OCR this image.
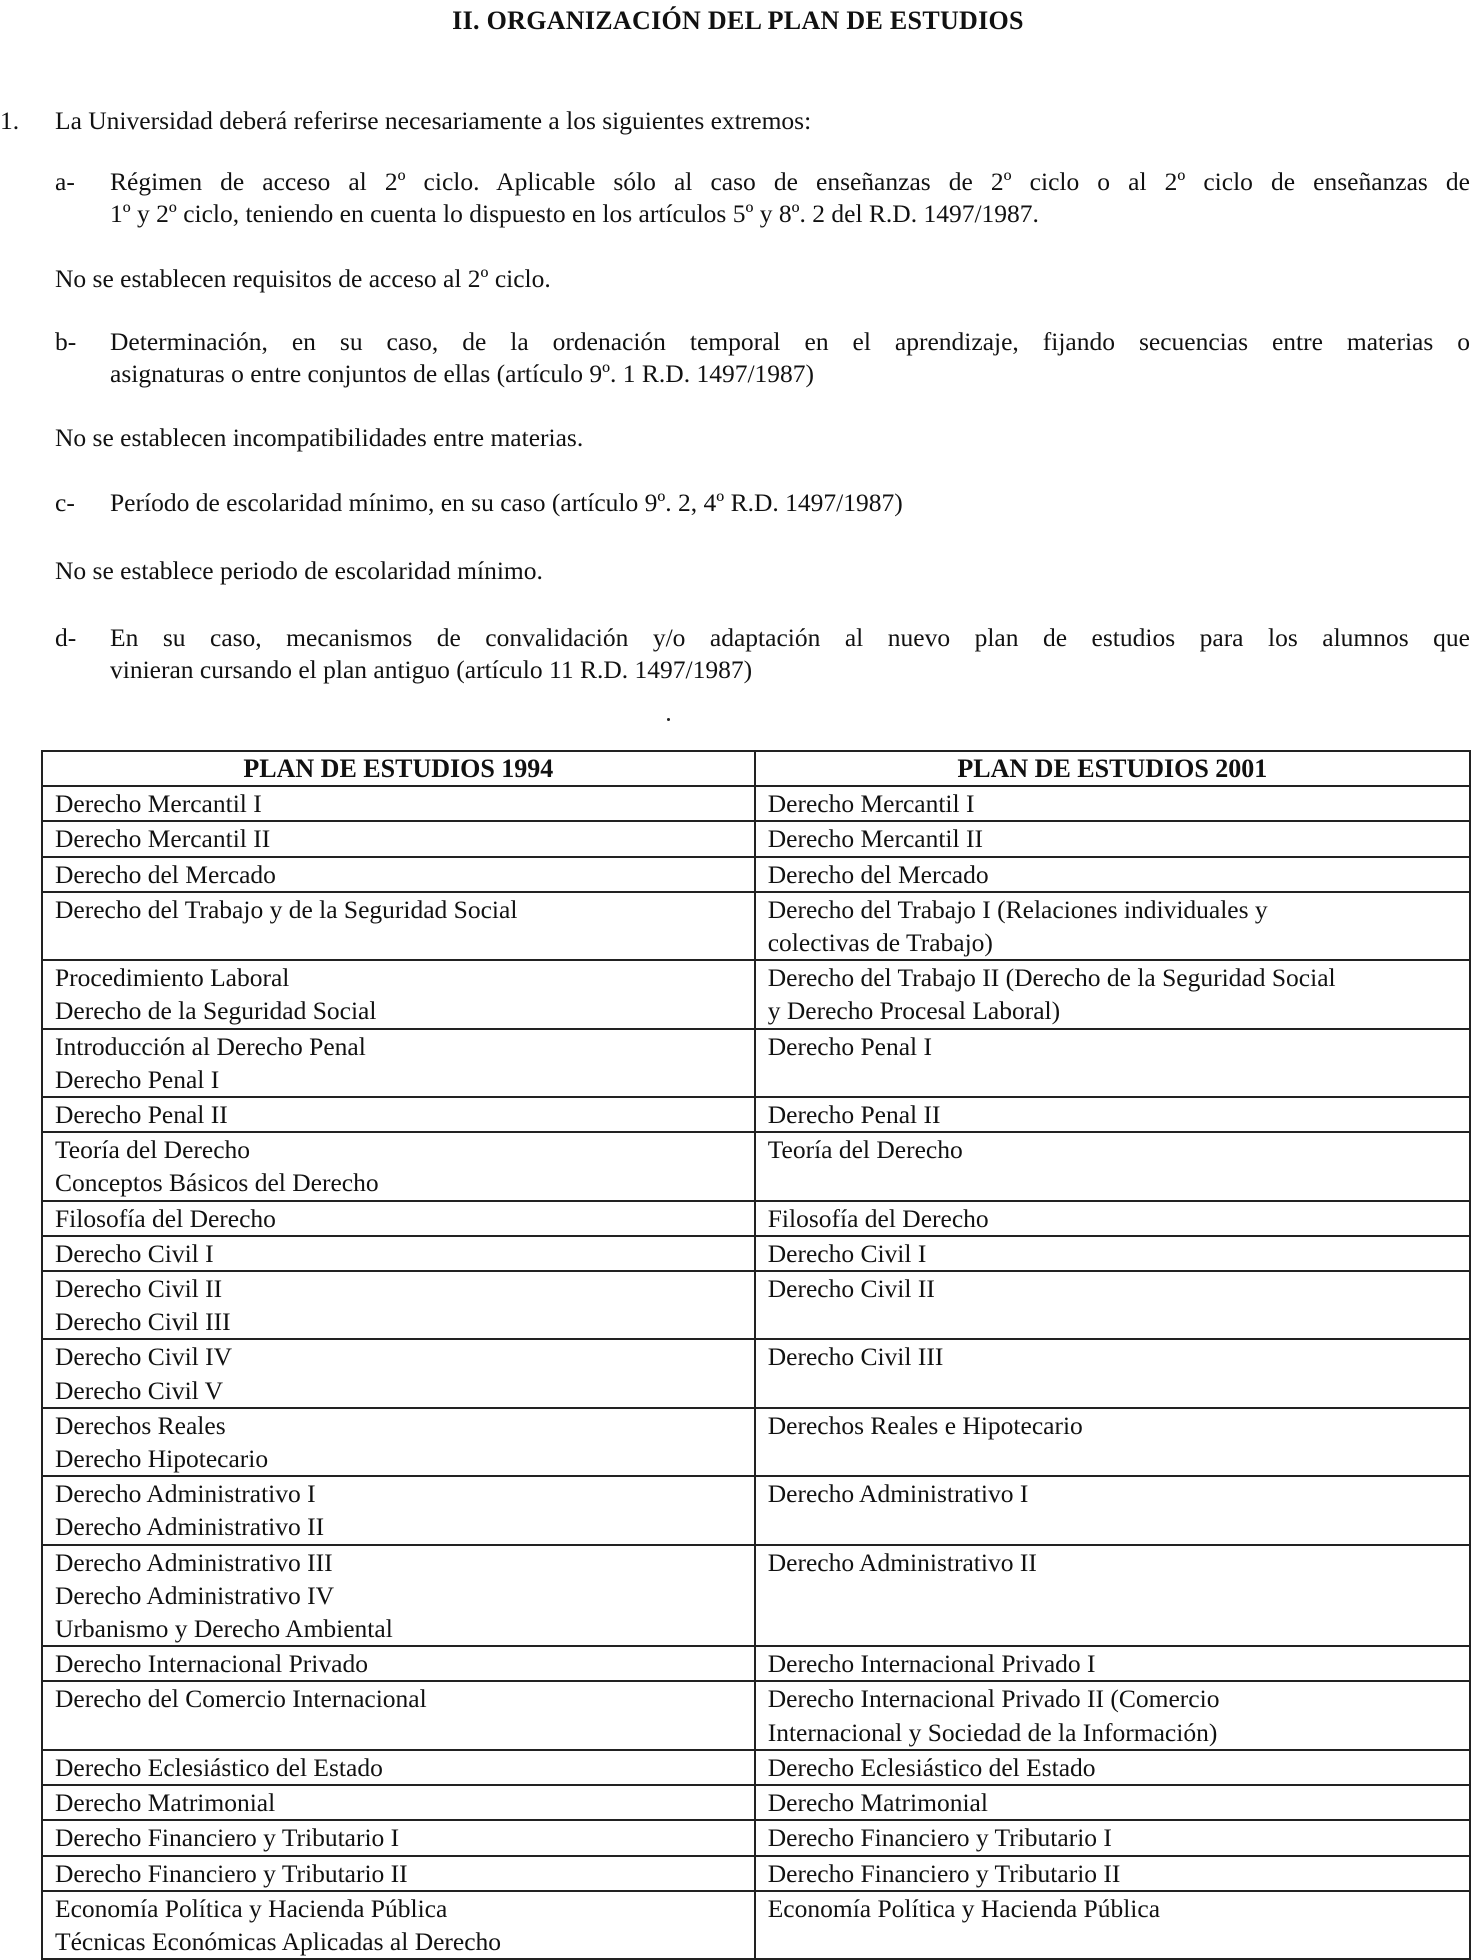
II. ORGANIZACIÓN DEL PLAN DE ESTUDIOS
1. La Universidad deberá referirse necesariamente a los siguientes extremos:
a- Régimen de acceso al 2º ciclo. Aplicable sólo al caso de enseñanzas de 2º ciclo o al 2º ciclo de enseñanzas de
1º y 2º ciclo, teniendo en cuenta lo dispuesto en los artículos 5º y 8º. 2 del R.D. 1497/1987.
No se establecen requisitos de acceso al 2º ciclo.
b- Determinación, en su caso, de la ordenación temporal en el aprendizaje, fijando secuencias entre materias o
asignaturas o entre conjuntos de ellas (artículo 9º. 1 R.D. 1497/1987)
No se establecen incompatibilidades entre materias.
c- Período de escolaridad mínimo, en su caso (artículo 9º. 2, 4º R.D. 1497/1987)
No se establece periodo de escolaridad mínimo.
d- En su caso, mecanismos de convalidación y/o adaptación al nuevo plan de estudios para los alumnos que
vinieran cursando el plan antiguo (artículo 11 R.D. 1497/1987)
PLAN DE ESTUDIOS 1994	PLAN DE ESTUDIOS 2001

Derecho Mercantil I	Derecho Mercantil I

Derecho Mercantil II	Derecho Mercantil II

Derecho del Mercado	Derecho del Mercado

Derecho del Trabajo y de la Seguridad Social	Derecho del Trabajo I (Relaciones individuales y
colectivas de Trabajo)

Procedimiento Laboral
Derecho de la Seguridad Social	Derecho del Trabajo II (Derecho de la Seguridad Social
y Derecho Procesal Laboral)

Introducción al Derecho Penal
Derecho Penal I	Derecho Penal I

Derecho Penal II	Derecho Penal II

Teoría del Derecho
Conceptos Básicos del Derecho	Teoría del Derecho

Filosofía del Derecho	Filosofía del Derecho

Derecho Civil I	Derecho Civil I

Derecho Civil II
Derecho Civil III	Derecho Civil II

Derecho Civil IV
Derecho Civil V	Derecho Civil III

Derechos Reales
Derecho Hipotecario	Derechos Reales e Hipotecario

Derecho Administrativo I
Derecho Administrativo II	Derecho Administrativo I

Derecho Administrativo III
Derecho Administrativo IV
Urbanismo y Derecho Ambiental	Derecho Administrativo II

Derecho Internacional Privado	Derecho Internacional Privado I

Derecho del Comercio Internacional	Derecho Internacional Privado II (Comercio
Internacional y Sociedad de la Información)

Derecho Eclesiástico del Estado	Derecho Eclesiástico del Estado

Derecho Matrimonial	Derecho Matrimonial

Derecho Financiero y Tributario I	Derecho Financiero y Tributario I

Derecho Financiero y Tributario II	Derecho Financiero y Tributario II

Economía Política y Hacienda Pública
Técnicas Económicas Aplicadas al Derecho	Economía Política y Hacienda Pública
